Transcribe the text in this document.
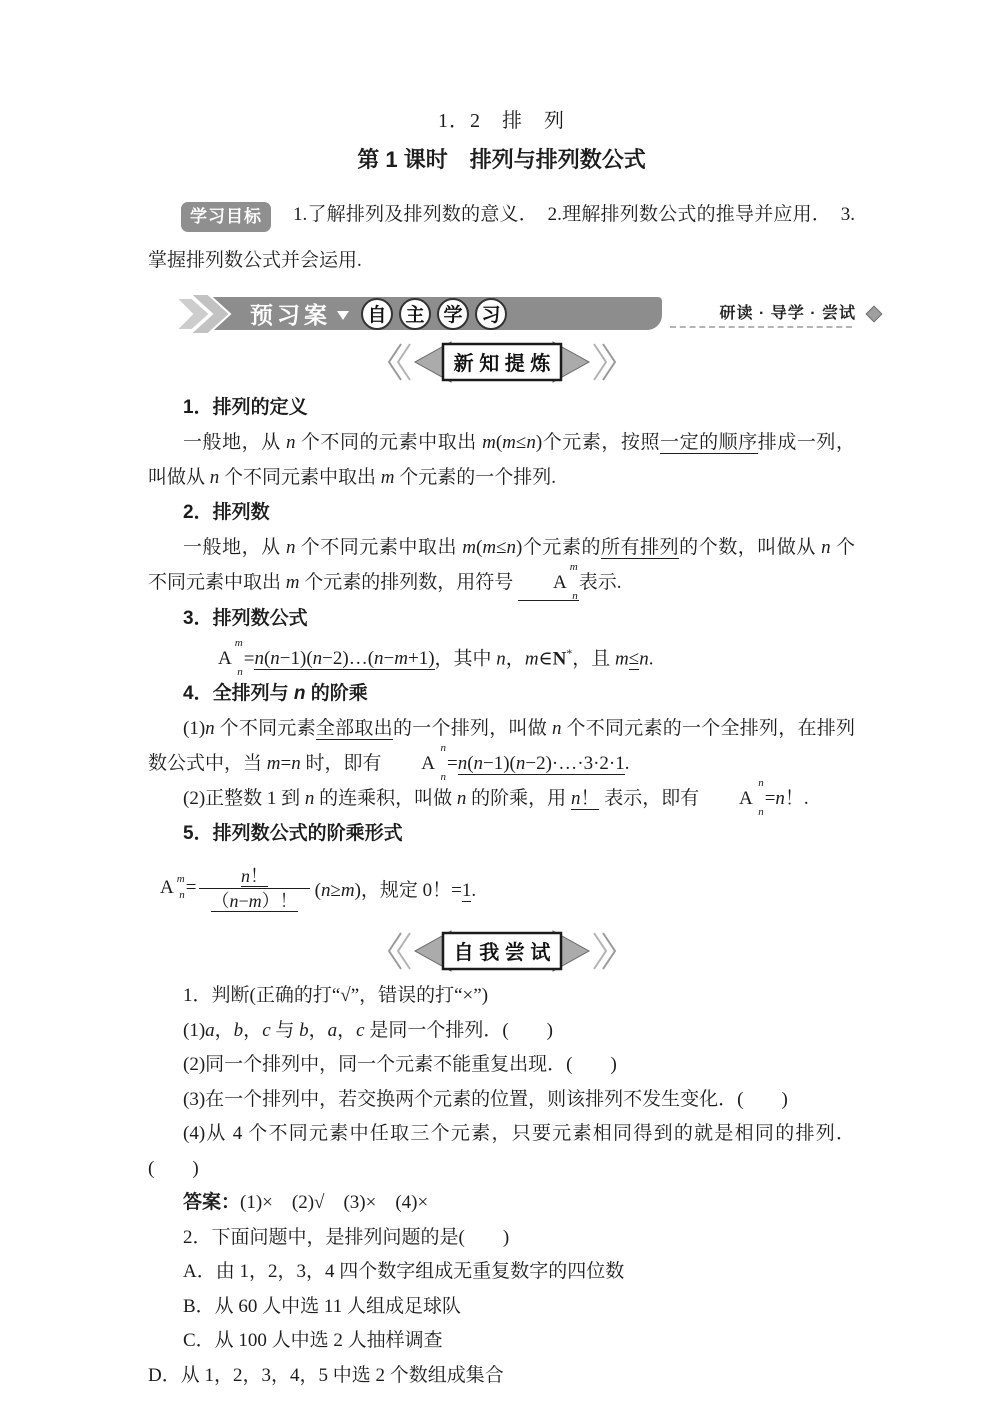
1．2　排　列
第 1 课时　排列与排列数公式

学习目标 1.了解排列及排列数的意义．　2.理解排列数公式的推导并应用．　3.掌握排列数公式并会运用.

预习案	自 主 学 习	研读 · 导学 · 尝试
新 知 提 炼
1．排列的定义
一般地，从 n 个不同的元素中取出 m(m≤n)个元素，按照一定的顺序排成一列，叫做从 n 个不同元素中取出 m 个元素的一个排列.
2．排列数
一般地，从 n 个不同元素中取出 m(m≤n)个元素的所有排列的个数，叫做从 n 个不同元素中取出 m 个元素的排列数，用符号 A
m
n
表示.
3．排列数公式
A
m
n
=n(n−1)(n−2)…(n−m+1)，其中 n，m∈N*，且 m≤n.
4．全排列与 n 的阶乘
(1)n 个不同元素全部取出的一个排列，叫做 n 个不同元素的一个全排列，在排列数公式中，当 m=n 时，即有 A
n
n
=n(n−1)(n−2)·…·3·2·1.
(2)正整数 1 到 n 的连乘积，叫做 n 的阶乘，用 n！ 表示，即有 A
n
n
=n！.
5．排列数公式的阶乘形式
A m
$n = \frac{n!}{(n-m)!} (n\ge m)$，规定 0！=1.
自 我 尝 试
1．判断(正确的打“√”，错误的打“×”)
(1)a，b，c 与 b，a，c 是同一个排列．(　　)
(2)同一个排列中，同一个元素不能重复出现．(　　)
(3)在一个排列中，若交换两个元素的位置，则该排列不发生变化．(　　)
(4)从 4 个不同元素中任取三个元素，只要元素相同得到的就是相同的排列．(　　)
答案：(1)×　(2)√　(3)×　(4)×
2．下面问题中，是排列问题的是(　　)
A．由 1，2，3，4 四个数字组成无重复数字的四位数
B．从 60 人中选 11 人组成足球队
C．从 100 人中选 2 人抽样调查
D．从 1，2，3，4，5 中选 2 个数组成集合
